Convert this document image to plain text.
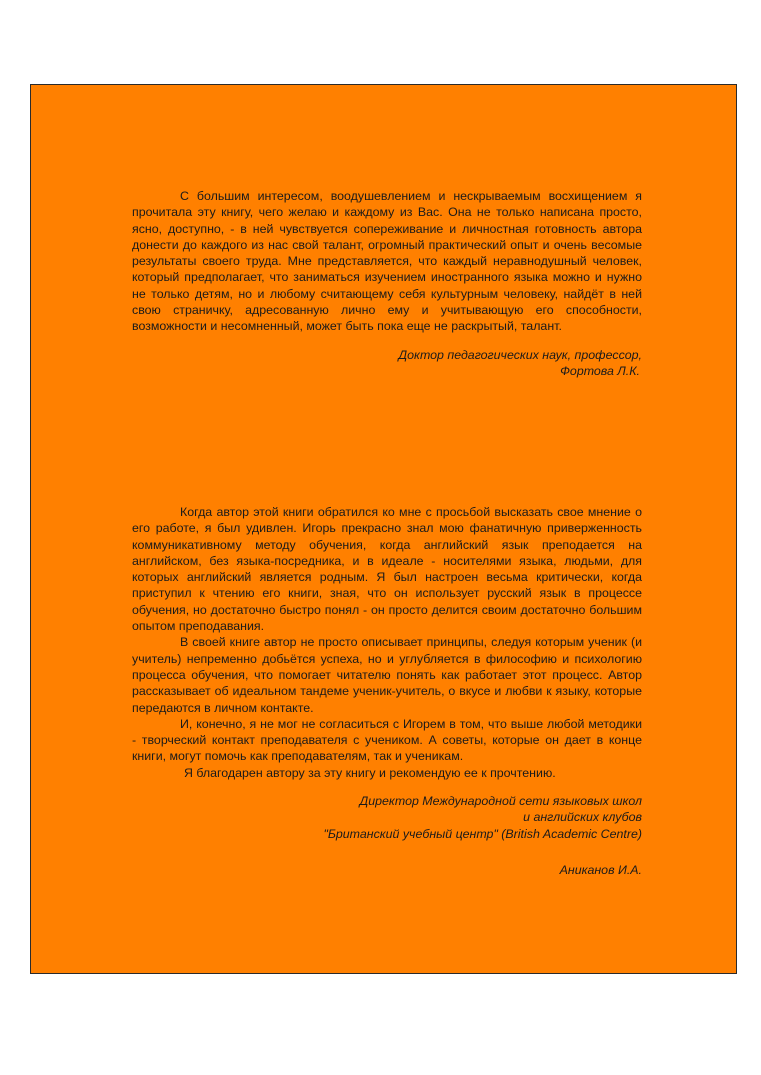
С большим интересом, воодушевлением и нескрываемым восхищением я прочитала эту книгу, чего желаю и каждому из Вас. Она не только написана просто, ясно, доступно, - в ней чувствуется сопереживание и личностная готовность автора донести до каждого из нас свой талант, огромный практический опыт и очень весомые результаты своего труда. Мне представляется, что каждый неравнодушный человек, который предполагает, что заниматься изучением иностранного языка можно и нужно не только детям, но и любому считающему себя культурным человеку, найдёт в ней свою страничку, адресованную лично ему и учитывающую его способности, возможности и несомненный, может быть пока еще не раскрытый, талант.

Доктор педагогических наук, профессор,
Фортова Л.К.

Когда автор этой книги обратился ко мне с просьбой высказать свое мнение о его работе, я был удивлен. Игорь прекрасно знал мою фанатичную приверженность коммуникативному методу обучения, когда английский язык преподается на английском, без языка-посредника, и в идеале - носителями языка, людьми, для которых английский является родным. Я был настроен весьма критически, когда приступил к чтению его книги, зная, что он использует русский язык в процессе обучения, но достаточно быстро понял - он просто делится своим достаточно большим опытом преподавания.

В своей книге автор не просто описывает принципы, следуя которым ученик (и учитель) непременно добьётся успеха, но и углубляется в философию и психологию процесса обучения, что помогает читателю понять как работает этот процесс. Автор рассказывает об идеальном тандеме ученик-учитель, о вкусе и любви к языку, которые передаются в личном контакте.

И, конечно, я не мог не согласиться с Игорем в том, что выше любой методики - творческий контакт преподавателя с учеником. А советы, которые он дает в конце книги, могут помочь как преподавателям, так и ученикам.

Я благодарен автору за эту книгу и рекомендую ее к прочтению.

Директор Международной сети языковых школ
и английских клубов
"Британский учебный центр" (British Academic Centre)
Аниканов И.А.
